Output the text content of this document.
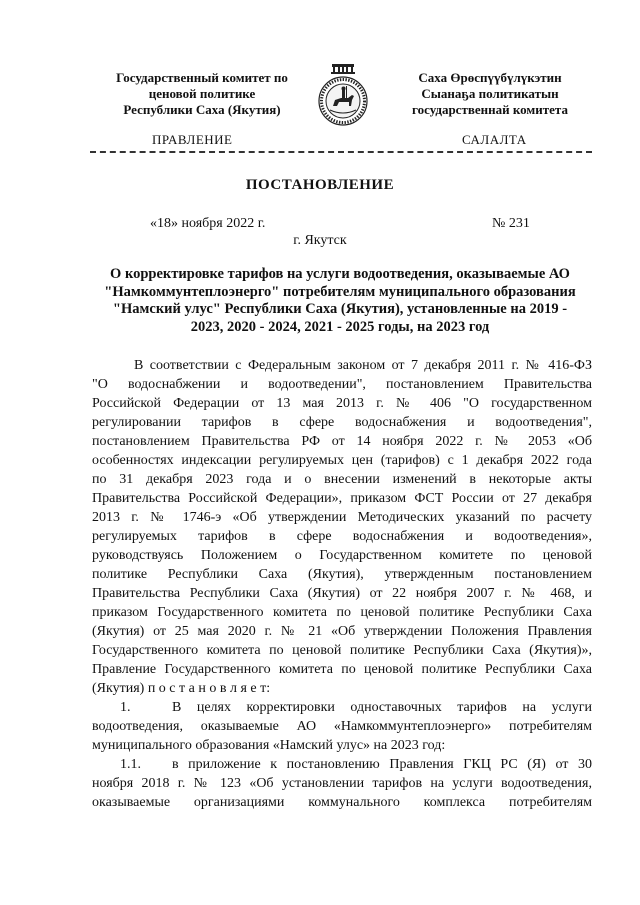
Государственный комитет по
ценовой политике
Республики Саха (Якутия)
Саха Өрөспүүбүлүкэтин
Сыанаҕа политикатын
государственнай комитета
ПРАВЛЕНИЕ	САЛАЛТА
ПОСТАНОВЛЕНИЕ
«18» ноября 2022 г.	№ 231
г. Якутск
О корректировке тарифов на услуги водоотведения, оказываемые АО
"Намкоммунтеплоэнерго" потребителям муниципального образования
"Намский улус" Республики Саха (Якутия), установленные на 2019 -
2023, 2020 - 2024, 2021 - 2025 годы, на 2023 год
В соответствии с Федеральным законом от 7 декабря 2011 г. № 416-ФЗ
"О водоснабжении и водоотведении", постановлением Правительства
Российской Федерации от 13 мая 2013 г. № 406 "О государственном
регулировании тарифов в сфере водоснабжения и водоотведения",
постановлением Правительства РФ от 14 ноября 2022 г. № 2053 «Об
особенностях индексации регулируемых цен (тарифов) с 1 декабря 2022 года
по 31 декабря 2023 года и о внесении изменений в некоторые акты
Правительства Российской Федерации», приказом ФСТ России от 27 декабря
2013 г. № 1746-э «Об утверждении Методических указаний по расчету
регулируемых тарифов в сфере водоснабжения и водоотведения»,
руководствуясь Положением о Государственном комитете по ценовой
политике Республики Саха (Якутия), утвержденным постановлением
Правительства Республики Саха (Якутия) от 22 ноября 2007 г. № 468, и
приказом Государственного комитета по ценовой политике Республики Саха
(Якутия) от 25 мая 2020 г. № 21 «Об утверждении Положения Правления
Государственного комитета по ценовой политике Республики Саха (Якутия)»,
Правление Государственного комитета по ценовой политике Республики Саха
(Якутия) п о с т а н о в л я е т:
1.	В целях корректировки одноставочных тарифов на услуги
водоотведения, оказываемые АО «Намкоммунтеплоэнерго» потребителям
муниципального образования «Намский улус» на 2023 год:
1.1. в приложение к постановлению Правления ГКЦ РС (Я) от 30
ноября 2018 г. № 123 «Об установлении тарифов на услуги водоотведения,
оказываемые организациями коммунального комплекса потребителям
